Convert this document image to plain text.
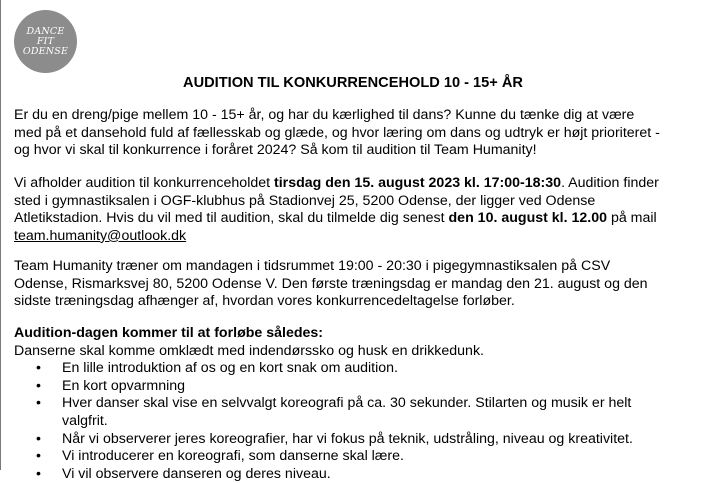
DANCE
FIT
ODENSE
AUDITION TIL KONKURRENCEHOLD 10 - 15+ ÅR
Er du en dreng/pige mellem 10 - 15+ år, og har du kærlighed til dans? Kunne du tænke dig at være med på et dansehold fuld af fællesskab og glæde, og hvor læring om dans og udtryk er højt prioriteret - og hvor vi skal til konkurrence i foråret 2024? Så kom til audition til Team Humanity!
Vi afholder audition til konkurrenceholdet tirsdag den 15. august 2023 kl. 17:00-18:30. Audition finder sted i gymnastiksalen i OGF-klubhus på Stadionvej 25, 5200 Odense, der ligger ved Odense Atletikstadion. Hvis du vil med til audition, skal du tilmelde dig senest den 10. august kl. 12.00 på mail team.humanity@outlook.dk
Team Humanity træner om mandagen i tidsrummet 19:00 - 20:30 i pigegymnastiksalen på CSV Odense, Rismarksvej 80, 5200 Odense V. Den første træningsdag er mandag den 21. august og den sidste træningsdag afhænger af, hvordan vores konkurrencedeltagelse forløber.
Audition-dagen kommer til at forløbe således:
Danserne skal komme omklædt med indendørssko og husk en drikkedunk.
• En lille introduktion af os og en kort snak om audition.
• En kort opvarmning
• Hver danser skal vise en selvvalgt koreografi på ca. 30 sekunder. Stilarten og musik er helt valgfrit.
• Når vi observerer jeres koreografier, har vi fokus på teknik, udstråling, niveau og kreativitet.
• Vi introducerer en koreografi, som danserne skal lære.
• Vi vil observere danseren og deres niveau.
